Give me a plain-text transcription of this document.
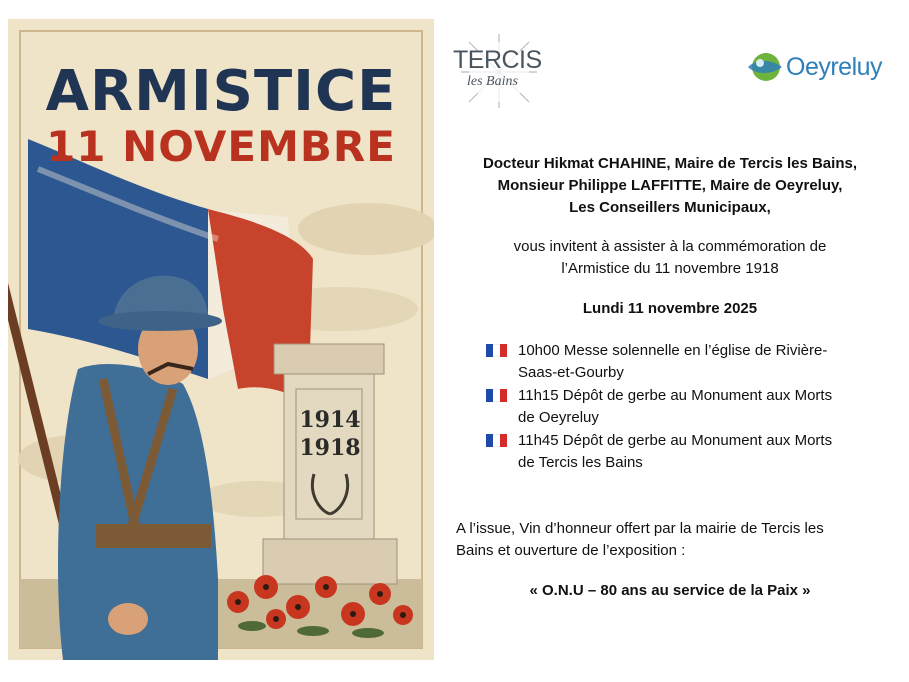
ARMISTICE
11 NOVEMBRE
1914
1918
TERCIS
les Bains
Oeyreluy
Docteur Hikmat CHAHINE, Maire de Tercis les Bains,
Monsieur Philippe LAFFITTE, Maire de Oeyreluy,
Les Conseillers Municipaux,
vous invitent à assister à la commémoration de
l’Armistice du 11 novembre 1918
Lundi 11 novembre 2025
10h00 Messe solennelle en l’église de Rivière-
Saas-et-Gourby
11h15 Dépôt de gerbe au Monument aux Morts
de Oeyreluy
11h45 Dépôt de gerbe au Monument aux Morts
de Tercis les Bains
A l’issue, Vin d’honneur offert par la mairie de Tercis les
Bains et ouverture de l’exposition :
« O.N.U – 80 ans au service de la Paix »
